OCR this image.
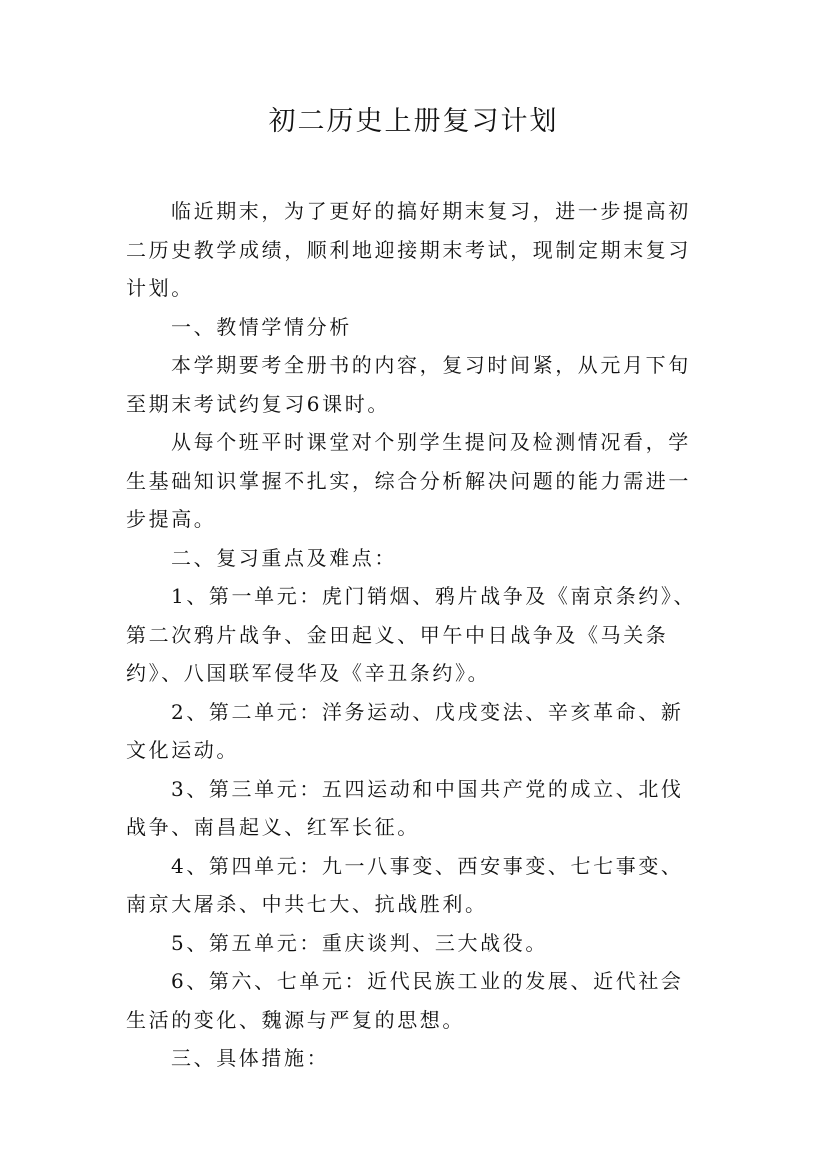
初二历史上册复习计划

临近期末，为了更好的搞好期末复习，进一步提高初二历史教学成绩，顺利地迎接期末考试，现制定期末复习计划。

一、教情学情分析

本学期要考全册书的内容，复习时间紧，从元月下旬至期末考试约复习6课时。

从每个班平时课堂对个别学生提问及检测情况看，学生基础知识掌握不扎实，综合分析解决问题的能力需进一步提高。

二、复习重点及难点：

1、第一单元：虎门销烟、鸦片战争及《南京条约》、第二次鸦片战争、金田起义、甲午中日战争及《马关条约》、八国联军侵华及《辛丑条约》。

2、第二单元：洋务运动、戊戌变法、辛亥革命、新文化运动。

3、第三单元：五四运动和中国共产党的成立、北伐战争、南昌起义、红军长征。

4、第四单元：九一八事变、西安事变、七七事变、南京大屠杀、中共七大、抗战胜利。

5、第五单元：重庆谈判、三大战役。

6、第六、七单元：近代民族工业的发展、近代社会生活的变化、魏源与严复的思想。

三、具体措施：
